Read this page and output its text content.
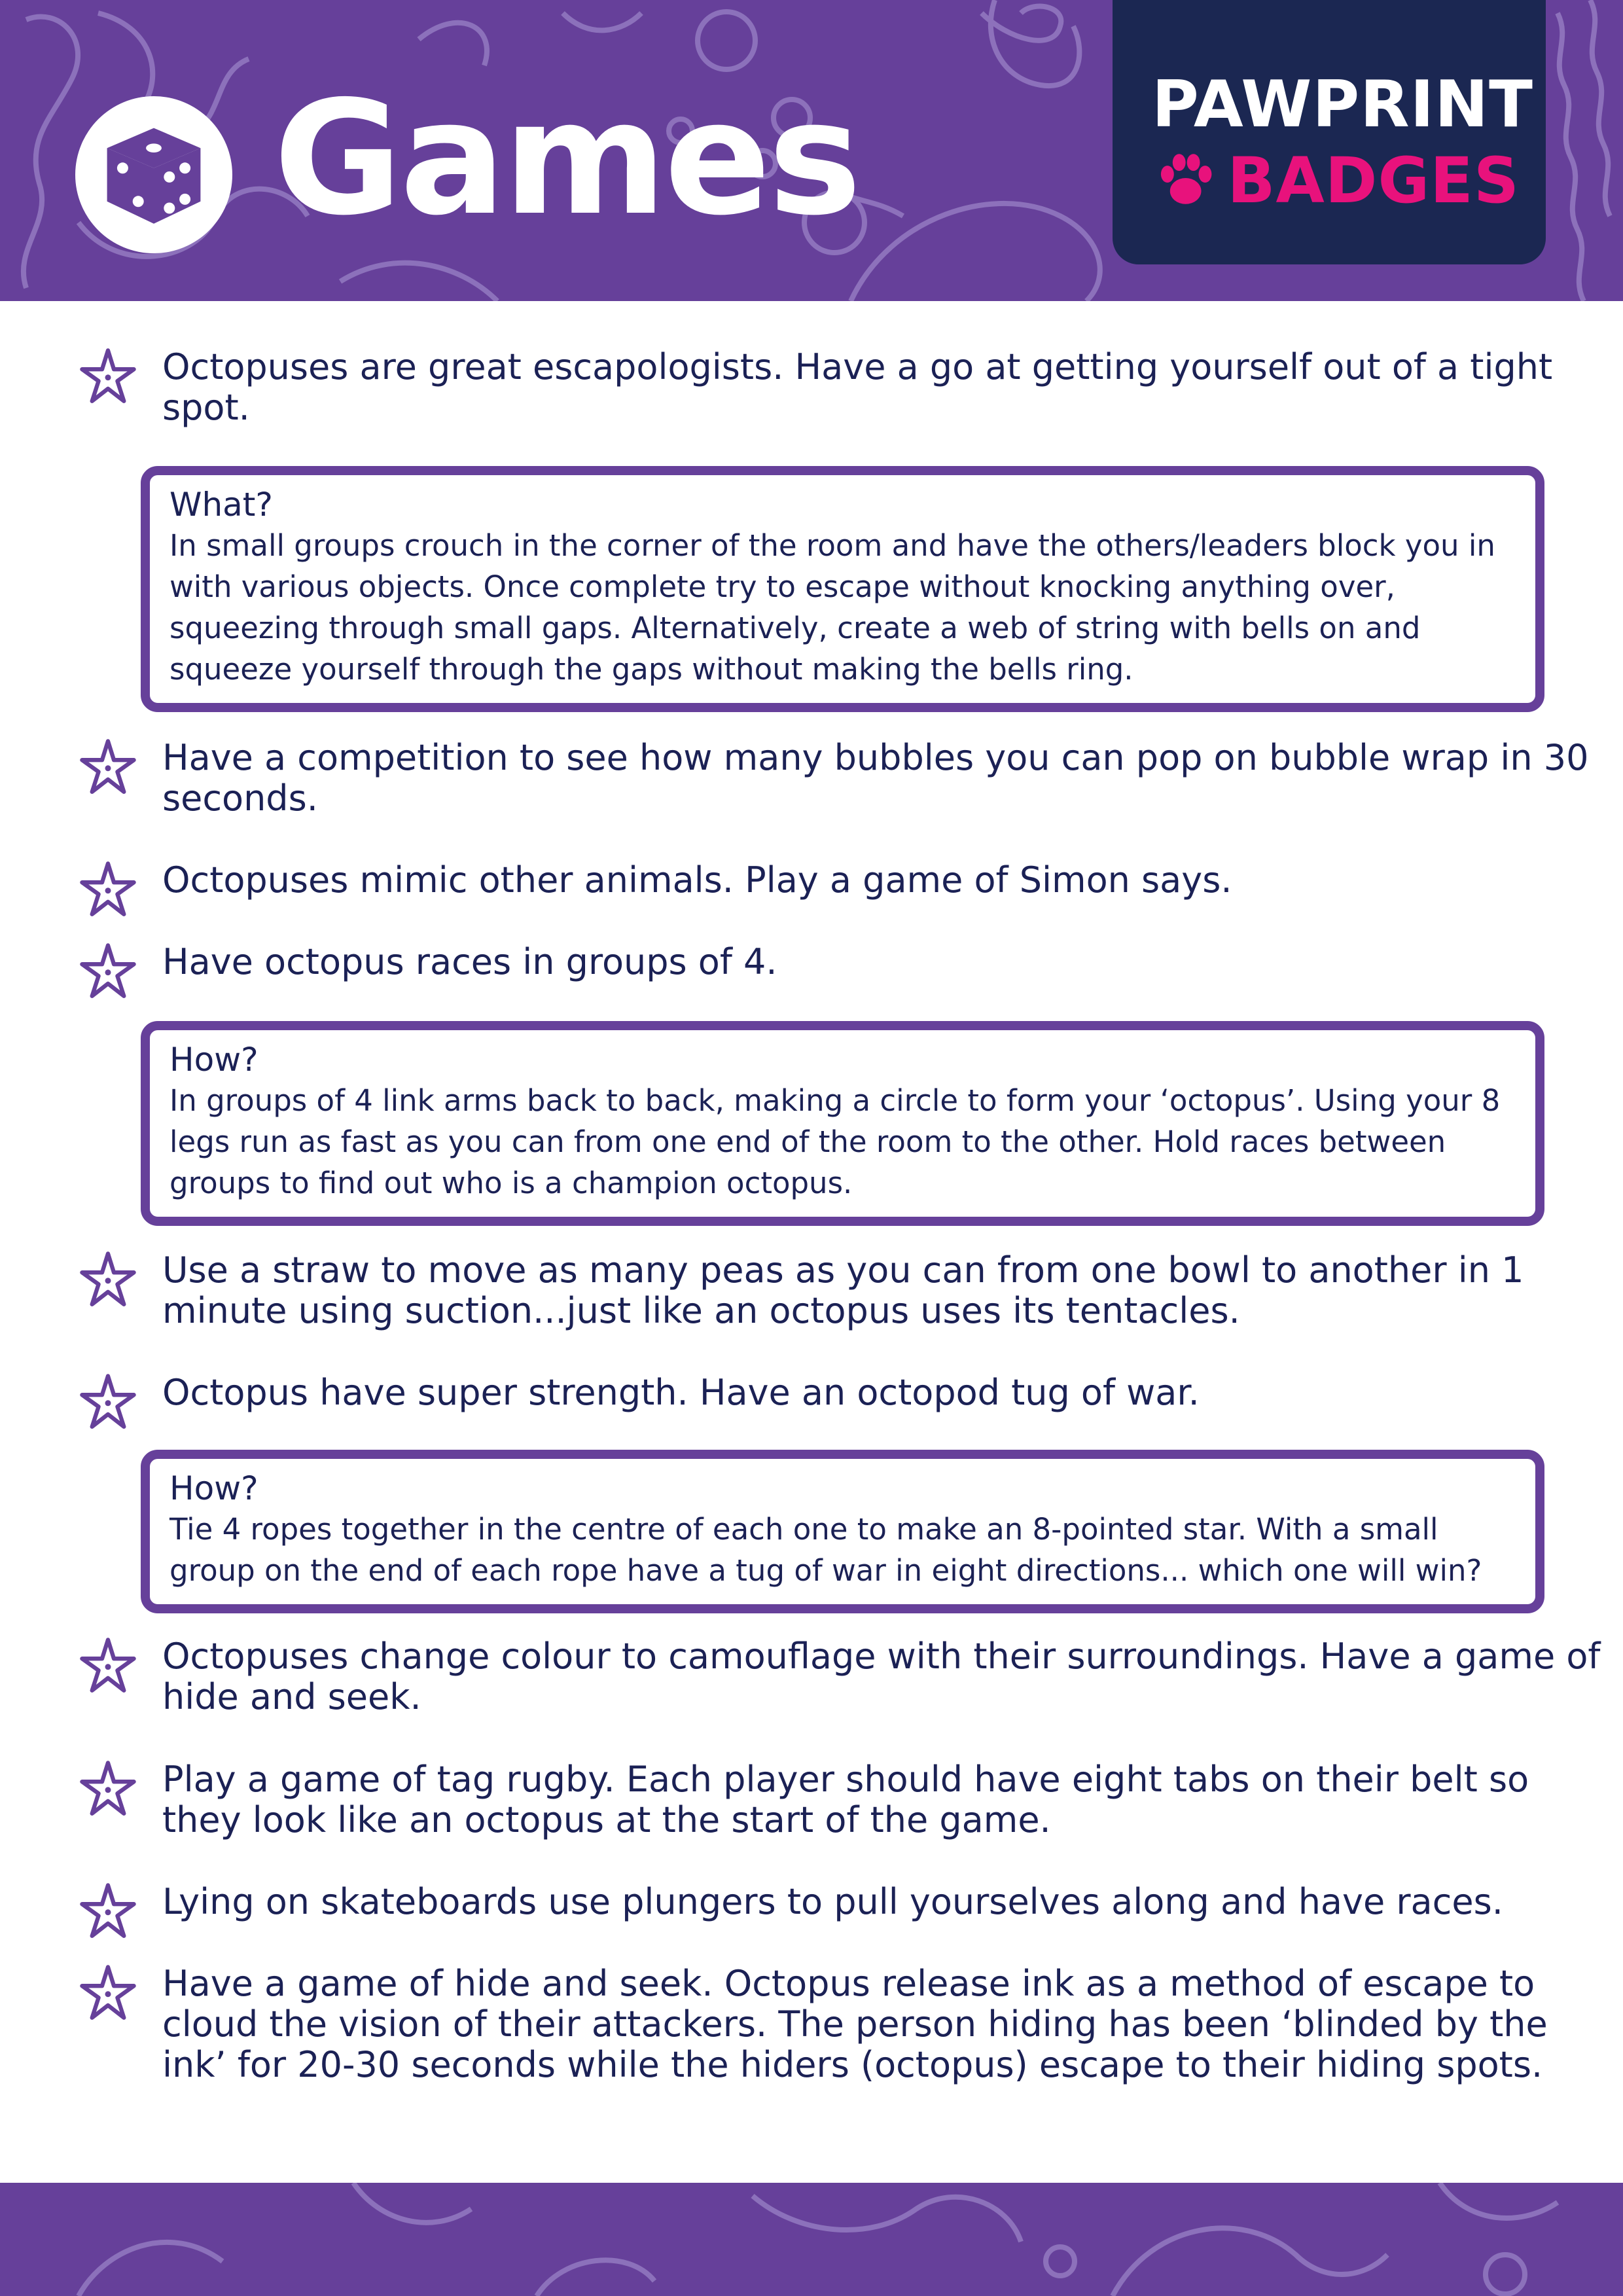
Games	PAWPRINT
BADGES
Octopuses are great escapologists. Have a go at getting yourself out of a tight spot.
What?
In small groups crouch in the corner of the room and have the others/leaders block you in with various objects. Once complete try to escape without knocking anything over, squeezing through small gaps. Alternatively, create a web of string with bells on and squeeze yourself through the gaps without making the bells ring.
Have a competition to see how many bubbles you can pop on bubble wrap in 30 seconds.
Octopuses mimic other animals. Play a game of Simon says.
Have octopus races in groups of 4.
How?
In groups of 4 link arms back to back, making a circle to form your ‘octopus’. Using your 8 legs run as fast as you can from one end of the room to the other. Hold races between groups to find out who is a champion octopus.
Use a straw to move as many peas as you can from one bowl to another in 1 minute using suction...just like an octopus uses its tentacles.
Octopus have super strength. Have an octopod tug of war.
How?
Tie 4 ropes together in the centre of each one to make an 8-pointed star. With a small group on the end of each rope have a tug of war in eight directions... which one will win?
Octopuses change colour to camouflage with their surroundings. Have a game of hide and seek.
Play a game of tag rugby. Each player should have eight tabs on their belt so they look like an octopus at the start of the game.
Lying on skateboards use plungers to pull yourselves along and have races.
Have a game of hide and seek. Octopus release ink as a method of escape to cloud the vision of their attackers. The person hiding has been ‘blinded by the ink’ for 20-30 seconds while the hiders (octopus) escape to their hiding spots.
